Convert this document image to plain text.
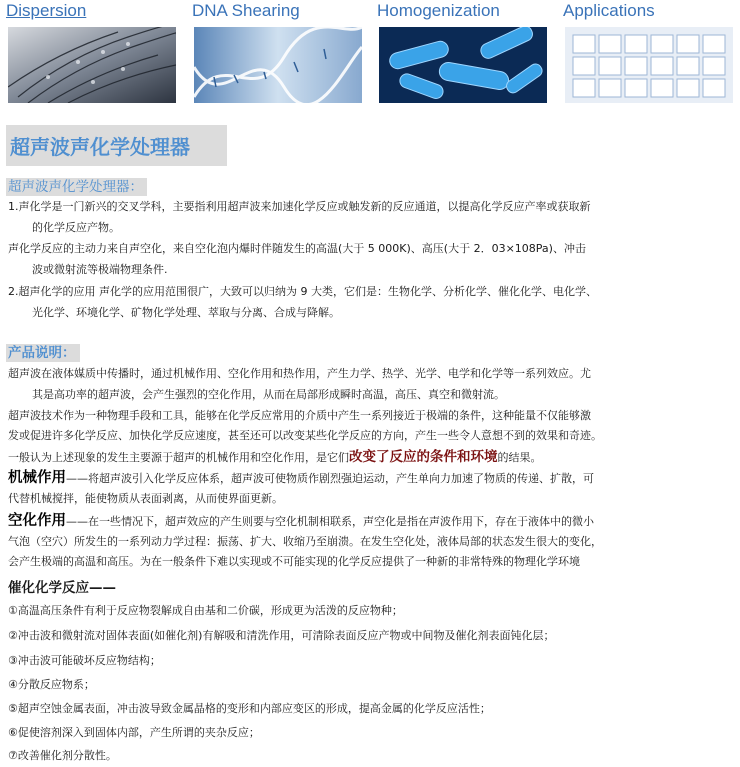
Dispersion	DNA Shearing	Homogenization	Applications
超声波声化学处理器
超声波声化学处理器：
1.声化学是一门新兴的交叉学科，主要指利用超声波来加速化学反应或触发新的反应通道，以提高化学反应产率或获取新
的化学反应产物。
声化学反应的主动力来自声空化，来自空化泡内爆时伴随发生的高温(大于 5 000K)、高压(大于 2．03×108Pa)、冲击
波或微射流等极端物理条件.
2.超声化学的应用 声化学的应用范围很广，大致可以归纳为 9 大类，它们是：生物化学、分析化学、催化化学、电化学、
光化学、环境化学、矿物化学处理、萃取与分离、合成与降解。
产品说明：
超声波在液体媒质中传播时，通过机械作用、空化作用和热作用，产生力学、热学、光学、电学和化学等一系列效应。尤
其是高功率的超声波，会产生强烈的空化作用，从而在局部形成瞬时高温，高压、真空和微射流。
超声波技术作为一种物理手段和工具，能够在化学反应常用的介质中产生一系列接近于极端的条件，这种能量不仅能够激
发或促进许多化学反应、加快化学反应速度，甚至还可以改变某些化学反应的方向，产生一些令人意想不到的效果和奇迹。
一般认为上述现象的发生主要源于超声的机械作用和空化作用，是它们改变了反应的条件和环境的结果。
机械作用——将超声波引入化学反应体系，超声波可使物质作剧烈强迫运动，产生单向力加速了物质的传递、扩散，可
代替机械搅拌，能使物质从表面剥离，从而使界面更新。
空化作用——在一些情况下，超声效应的产生则要与空化机制相联系，声空化是指在声波作用下，存在于液体中的微小
气泡（空穴）所发生的一系列动力学过程：振荡、扩大、收缩乃至崩溃。在发生空化处，液体局部的状态发生很大的变化，
会产生极端的高温和高压。为在一般条件下难以实现或不可能实现的化学反应提供了一种新的非常特殊的物理化学环境
催化化学反应——
①高温高压条件有利于反应物裂解成自由基和二价碳，形成更为活泼的反应物种；
②冲击波和微射流对固体表面(如催化剂)有解吸和清洗作用，可清除表面反应产物或中间物及催化剂表面钝化层；
③冲击波可能破坏反应物结构；
④分散反应物系；
⑤超声空蚀金属表面，冲击波导致金属晶格的变形和内部应变区的形成，提高金属的化学反应活性；
⑥促使溶剂深入到固体内部，产生所谓的夹杂反应；
⑦改善催化剂分散性。
